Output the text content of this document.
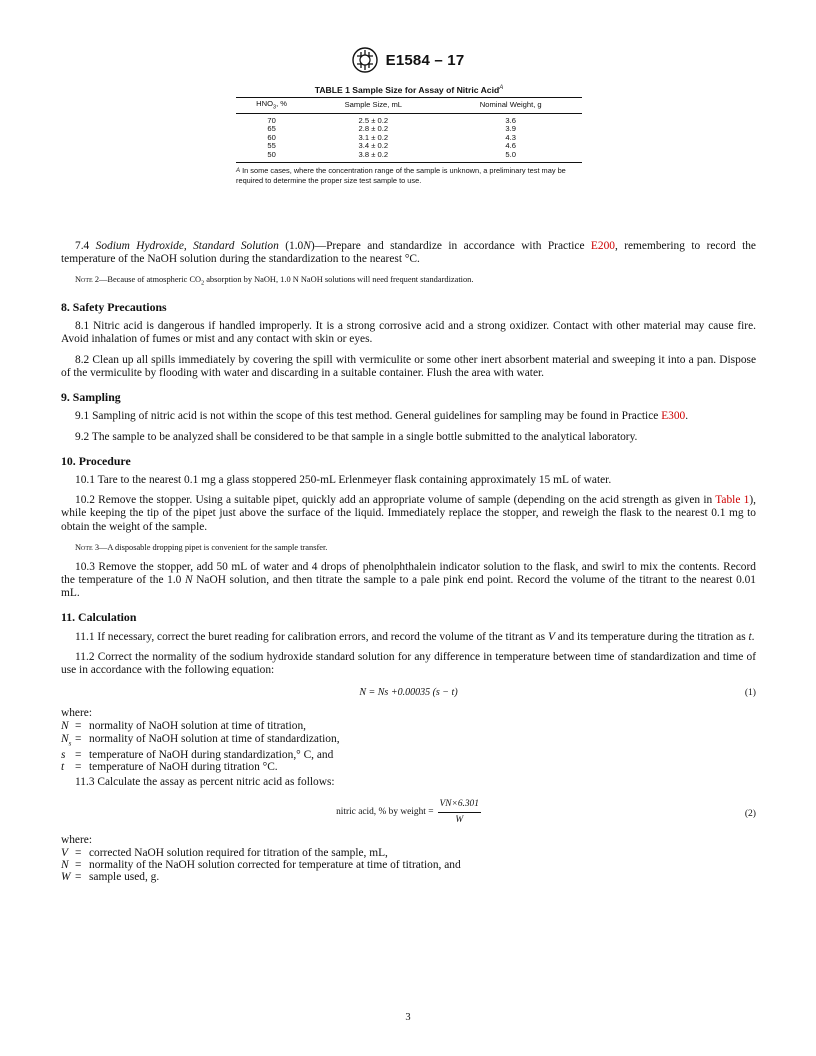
E1584 – 17
TABLE 1 Sample Size for Assay of Nitric Acid$^A$
$HNO_3$, %	Sample Size, mL	Nominal Weight, g
70	2.5 ± 0.2	3.6
65	2.8 ± 0.2	3.9
60	3.1 ± 0.2	4.3
55	3.4 ± 0.2	4.6
50	3.8 ± 0.2	5.0
$^A$ In some cases, where the concentration range of the sample is unknown, a preliminary test may be required to determine the proper size test sample to use.

7.4 Sodium Hydroxide, Standard Solution (1.0N)—Prepare and standardize in accordance with Practice E200, remembering to record the temperature of the NaOH solution during the standardization to the nearest °C.

Note 2—Because of atmospheric $CO_2$ absorption by NaOH, 1.0 N NaOH solutions will need frequent standardization.

8. Safety Precautions

8.1 Nitric acid is dangerous if handled improperly. It is a strong corrosive acid and a strong oxidizer. Contact with other material may cause fire. Avoid inhalation of fumes or mist and any contact with skin or eyes.

8.2 Clean up all spills immediately by covering the spill with vermiculite or some other inert absorbent material and sweeping it into a pan. Dispose of the vermiculite by flooding with water and discarding in a suitable container. Flush the area with water.

9. Sampling

9.1 Sampling of nitric acid is not within the scope of this test method. General guidelines for sampling may be found in Practice E300.

9.2 The sample to be analyzed shall be considered to be that sample in a single bottle submitted to the analytical laboratory.

10. Procedure

10.1 Tare to the nearest 0.1 mg a glass stoppered 250-mL Erlenmeyer flask containing approximately 15 mL of water.

10.2 Remove the stopper. Using a suitable pipet, quickly add an appropriate volume of sample (depending on the acid strength as given in Table 1), while keeping the tip of the pipet just above the surface of the liquid. Immediately replace the stopper, and reweigh the flask to the nearest 0.1 mg to obtain the weight of the sample.

Note 3—A disposable dropping pipet is convenient for the sample transfer.

10.3 Remove the stopper, add 50 mL of water and 4 drops of phenolphthalein indicator solution to the flask, and swirl to mix the contents. Record the temperature of the 1.0 N NaOH solution, and then titrate the sample to a pale pink end point. Record the volume of the titrant to the nearest 0.01 mL.

11. Calculation

11.1 If necessary, correct the buret reading for calibration errors, and record the volume of the titrant as V and its temperature during the titration as t.

11.2 Correct the normality of the sodium hydroxide standard solution for any difference in temperature between time of standardization and time of use in accordance with the following equation:

N = Ns +0.00035 (s − t)	(1)
where:
N = normality of NaOH solution at time of titration,
$N_s$ = normality of NaOH solution at time of standardization,
s = temperature of NaOH during standardization,° C, and
t = temperature of NaOH during titration °C.

11.3 Calculate the assay as percent nitric acid as follows:

nitric acid, % by weight = $\frac{VN\times 6.301}{W}$	(2)
where:
V = corrected NaOH solution required for titration of the sample, mL,
N = normality of the NaOH solution corrected for temperature at time of titration, and
W = sample used, g.
3
